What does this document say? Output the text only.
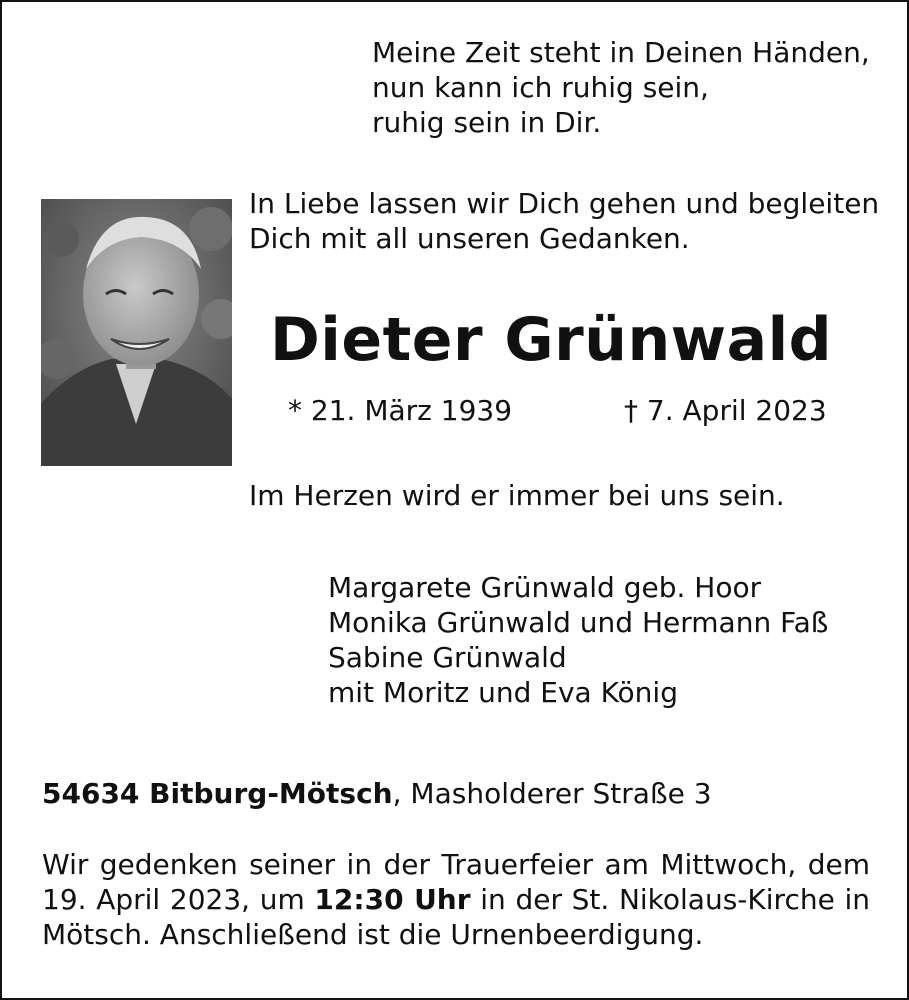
Meine Zeit steht in Deinen Händen,
nun kann ich ruhig sein,
ruhig sein in Dir.
In Liebe lassen wir Dich gehen und begleiten
Dich mit all unseren Gedanken.
Dieter Grünwald
* 21. März 1939	† 7. April 2023
Im Herzen wird er immer bei uns sein.
Margarete Grünwald geb. Hoor
Monika Grünwald und Hermann Faß
Sabine Grünwald
mit Moritz und Eva König
54634 Bitburg-Mötsch, Masholderer Straße 3
Wir gedenken seiner in der Trauerfeier am Mittwoch, dem 19. April 2023, um 12:30 Uhr in der St. Nikolaus-Kirche in Mötsch. Anschließend ist die Urnenbeerdigung.
